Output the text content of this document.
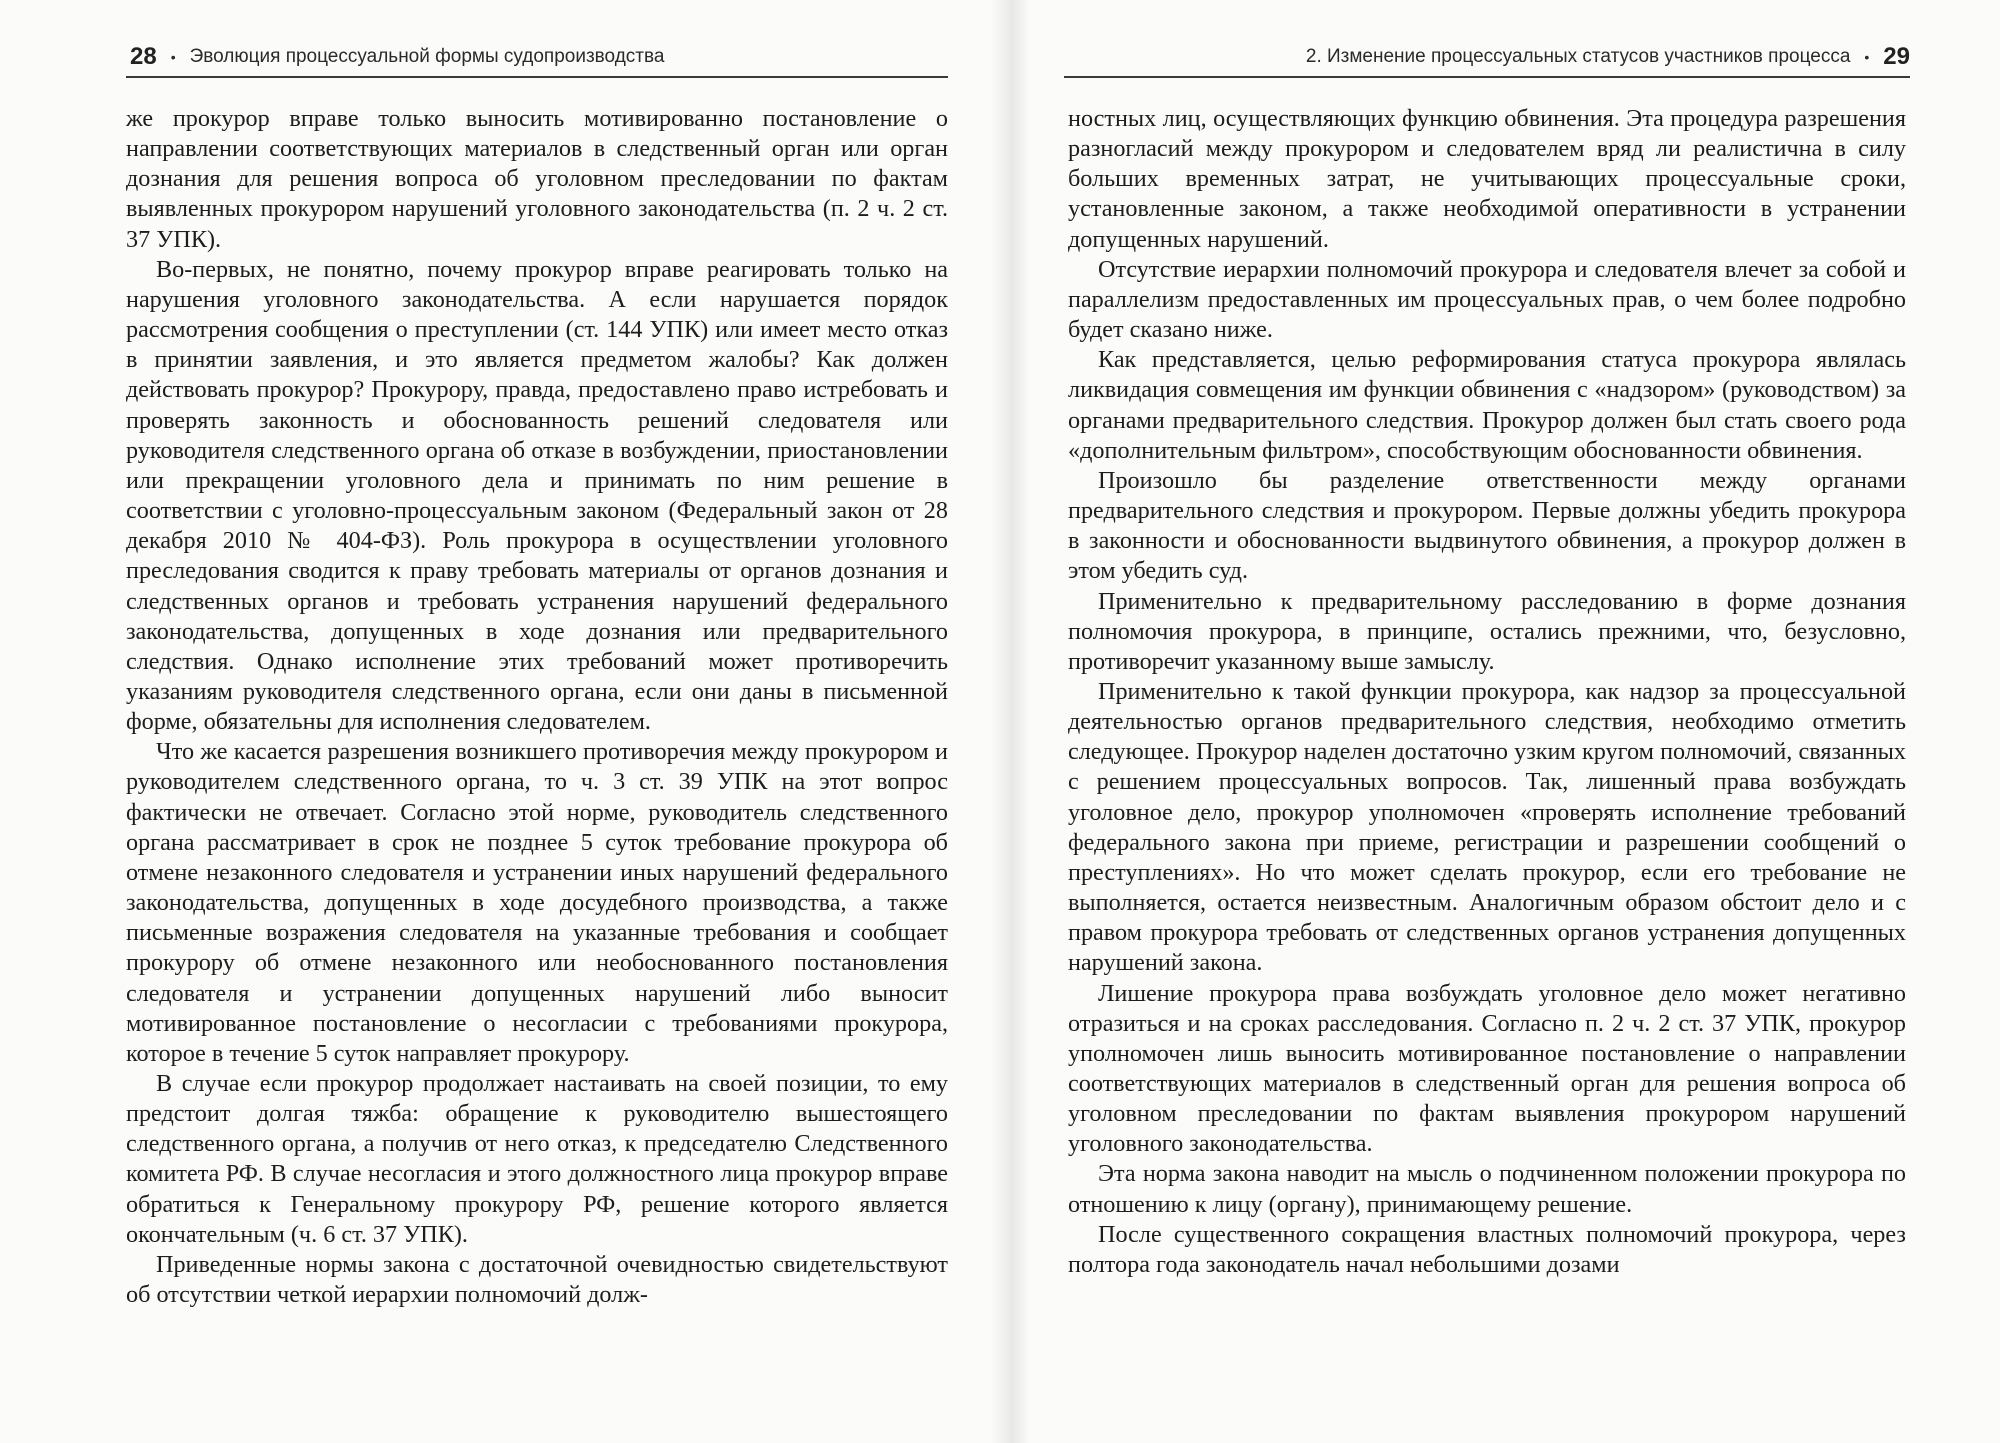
28 • Эволюция процессуальной формы судопроизводства

же прокурор вправе только выносить мотивированно постановление о направлении соответствующих материалов в следственный орган или орган дознания для решения вопроса об уголовном преследовании по фактам выявленных прокурором нарушений уголовного законодательства (п. 2 ч. 2 ст. 37 УПК).

Во-первых, не понятно, почему прокурор вправе реагировать только на нарушения уголовного законодательства. А если нарушается порядок рассмотрения сообщения о преступлении (ст. 144 УПК) или имеет место отказ в принятии заявления, и это является предметом жалобы? Как должен действовать прокурор? Прокурору, правда, предоставлено право истребовать и проверять законность и обоснованность решений следователя или руководителя следственного органа об отказе в возбуждении, приостановлении или прекращении уголовного дела и принимать по ним решение в соответствии с уголовно-процессуальным законом (Федеральный закон от 28 декабря 2010 № 404-ФЗ). Роль прокурора в осуществлении уголовного преследования сводится к праву требовать материалы от органов дознания и следственных органов и требовать устранения нарушений федерального законодательства, допущенных в ходе дознания или предварительного следствия. Однако исполнение этих требований может противоречить указаниям руководителя следственного органа, если они даны в письменной форме, обязательны для исполнения следователем.

Что же касается разрешения возникшего противоречия между прокурором и руководителем следственного органа, то ч. 3 ст. 39 УПК на этот вопрос фактически не отвечает. Согласно этой норме, руководитель следственного органа рассматривает в срок не позднее 5 суток требование прокурора об отмене незаконного следователя и устранении иных нарушений федерального законодательства, допущенных в ходе досудебного производства, а также письменные возражения следователя на указанные требования и сообщает прокурору об отмене незаконного или необоснованного постановления следователя и устранении допущенных нарушений либо выносит мотивированное постановление о несогласии с требованиями прокурора, которое в течение 5 суток направляет прокурору.

В случае если прокурор продолжает настаивать на своей позиции, то ему предстоит долгая тяжба: обращение к руководителю вышестоящего следственного органа, а получив от него отказ, к председателю Следственного комитета РФ. В случае несогласия и этого должностного лица прокурор вправе обратиться к Генеральному прокурору РФ, решение которого является окончательным (ч. 6 ст. 37 УПК).

Приведенные нормы закона с достаточной очевидностью свидетельствуют об отсутствии четкой иерархии полномочий долж-

2. Изменение процессуальных статусов участников процесса • 29

ностных лиц, осуществляющих функцию обвинения. Эта процедура разрешения разногласий между прокурором и следователем вряд ли реалистична в силу больших временных затрат, не учитывающих процессуальные сроки, установленные законом, а также необходимой оперативности в устранении допущенных нарушений.

Отсутствие иерархии полномочий прокурора и следователя влечет за собой и параллелизм предоставленных им процессуальных прав, о чем более подробно будет сказано ниже.

Как представляется, целью реформирования статуса прокурора являлась ликвидация совмещения им функции обвинения с «надзором» (руководством) за органами предварительного следствия. Прокурор должен был стать своего рода «дополнительным фильтром», способствующим обоснованности обвинения.

Произошло бы разделение ответственности между органами предварительного следствия и прокурором. Первые должны убедить прокурора в законности и обоснованности выдвинутого обвинения, а прокурор должен в этом убедить суд.

Применительно к предварительному расследованию в форме дознания полномочия прокурора, в принципе, остались прежними, что, безусловно, противоречит указанному выше замыслу.

Применительно к такой функции прокурора, как надзор за процессуальной деятельностью органов предварительного следствия, необходимо отметить следующее. Прокурор наделен достаточно узким кругом полномочий, связанных с решением процессуальных вопросов. Так, лишенный права возбуждать уголовное дело, прокурор уполномочен «проверять исполнение требований федерального закона при приеме, регистрации и разрешении сообщений о преступлениях». Но что может сделать прокурор, если его требование не выполняется, остается неизвестным. Аналогичным образом обстоит дело и с правом прокурора требовать от следственных органов устранения допущенных нарушений закона.

Лишение прокурора права возбуждать уголовное дело может негативно отразиться и на сроках расследования. Согласно п. 2 ч. 2 ст. 37 УПК, прокурор уполномочен лишь выносить мотивированное постановление о направлении соответствующих материалов в следственный орган для решения вопроса об уголовном преследовании по фактам выявления прокурором нарушений уголовного законодательства.

Эта норма закона наводит на мысль о подчиненном положении прокурора по отношению к лицу (органу), принимающему решение.

После существенного сокращения властных полномочий прокурора, через полтора года законодатель начал небольшими дозами
